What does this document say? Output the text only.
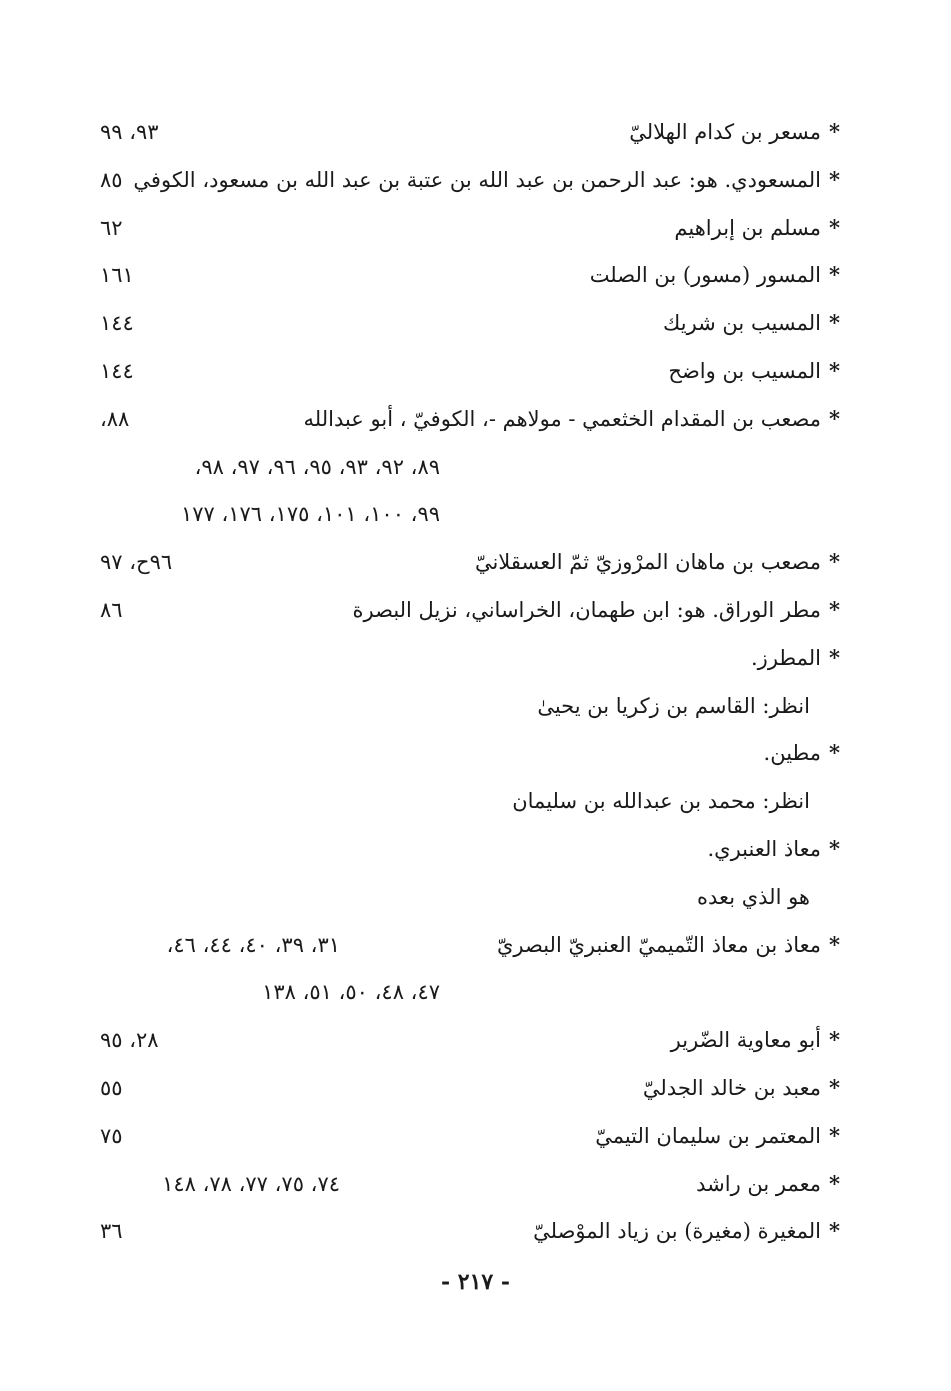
*مسعر بن كدام الهلاليّ
٩٣، ٩٩
*المسعودي. هو: عبد الرحمن بن عبد الله بن عتبة بن عبد الله بن مسعود، الكوفي
٨٥
*مسلم بن إبراهيم
٦٢
*المسور (مسور) بن الصلت
١٦١
*المسيب بن شريك
١٤٤
*المسيب بن واضح
١٤٤
*مصعب بن المقدام الخثعمي - مولاهم -، الكوفيّ ، أبو عبدالله
٨٨،
٨٩، ٩٢، ٩٣، ٩٥، ٩٦، ٩٧، ٩٨،
٩٩، ١٠٠، ١٠١، ١٧٥، ١٧٦، ١٧٧
*مصعب بن ماهان المرْوزيّ ثمّ العسقلانيّ
٩٦ح، ٩٧
*مطر الوراق. هو: ابن طهمان، الخراساني، نزيل البصرة
٨٦
*المطرز.
انظر: القاسم بن زكريا بن يحيىٰ
*مطين.
انظر: محمد بن عبدالله بن سليمان
*معاذ العنبري.
هو الذي بعده
*معاذ بن معاذ التّميميّ العنبريّ البصريّ
٣١، ٣٩، ٤٠، ٤٤، ٤٦،
٤٧، ٤٨، ٥٠، ٥١، ١٣٨
*أبو معاوية الضّرير
٢٨، ٩٥
*معبد بن خالد الجدليّ
٥٥
*المعتمر بن سليمان التيميّ
٧٥
*معمر بن راشد
٧٤، ٧٥، ٧٧، ٧٨، ١٤٨
*المغيرة (مغيرة) بن زياد الموْصليّ
٣٦
- ٢١٧ -
